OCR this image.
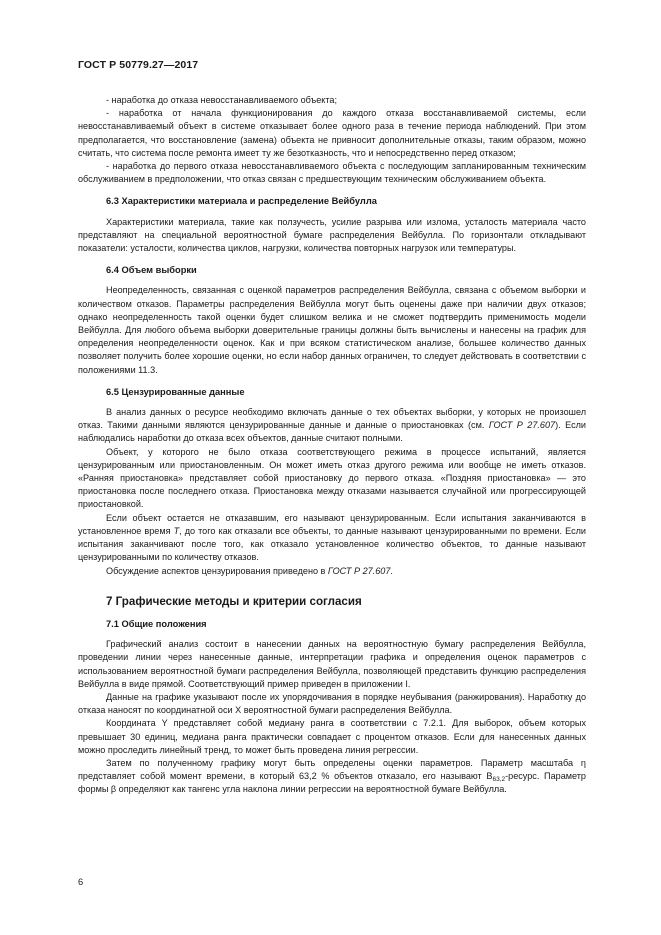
ГОСТ Р 50779.27—2017

- наработка до отказа невосстанавливаемого объекта;

- наработка от начала функционирования до каждого отказа восстанавливаемой системы, если невосстанавливаемый объект в системе отказывает более одного раза в течение периода наблюдений. При этом предполагается, что восстановление (замена) объекта не привносит дополнительные отказы, таким образом, можно считать, что система после ремонта имеет ту же безотказность, что и непосредственно перед отказом;

- наработка до первого отказа невосстанавливаемого объекта с последующим запланированным техническим обслуживанием в предположении, что отказ связан с предшествующим техническим обслуживанием объекта.

6.3 Характеристики материала и распределение Вейбулла

Характеристики материала, такие как ползучесть, усилие разрыва или излома, усталость материала часто представляют на специальной вероятностной бумаге распределения Вейбулла. По горизонтали откладывают показатели: усталости, количества циклов, нагрузки, количества повторных нагрузок или температуры.

6.4 Объем выборки

Неопределенность, связанная с оценкой параметров распределения Вейбулла, связана с объемом выборки и количеством отказов. Параметры распределения Вейбулла могут быть оценены даже при наличии двух отказов; однако неопределенность такой оценки будет слишком велика и не сможет подтвердить применимость модели Вейбулла. Для любого объема выборки доверительные границы должны быть вычислены и нанесены на график для определения неопределенности оценок. Как и при всяком статистическом анализе, большее количество данных позволяет получить более хорошие оценки, но если набор данных ограничен, то следует действовать в соответствии с положениями 11.3.

6.5 Цензурированные данные

В анализ данных о ресурсе необходимо включать данные о тех объектах выборки, у которых не произошел отказ. Такими данными являются цензурированные данные и данные о приостановках (см. ГОСТ Р 27.607). Если наблюдались наработки до отказа всех объектов, данные считают полными.

Объект, у которого не было отказа соответствующего режима в процессе испытаний, является цензурированным или приостановленным. Он может иметь отказ другого режима или вообще не иметь отказов. «Ранняя приостановка» представляет собой приостановку до первого отказа. «Поздняя приостановка» — это приостановка после последнего отказа. Приостановка между отказами называется случайной или прогрессирующей приостановкой.

Если объект остается не отказавшим, его называют цензурированным. Если испытания заканчиваются в установленное время T, до того как отказали все объекты, то данные называют цензурированными по времени. Если испытания заканчивают после того, как отказало установленное количество объектов, то данные называют цензурированными по количеству отказов.

Обсуждение аспектов цензурирования приведено в ГОСТ Р 27.607.

7 Графические методы и критерии согласия
7.1 Общие положения

Графический анализ состоит в нанесении данных на вероятностную бумагу распределения Вейбулла, проведении линии через нанесенные данные, интерпретации графика и определения оценок параметров с использованием вероятностной бумаги распределения Вейбулла, позволяющей представить функцию распределения Вейбулла в виде прямой. Соответствующий пример приведен в приложении I.

Данные на графике указывают после их упорядочивания в порядке неубывания (ранжирования). Наработку до отказа наносят по координатной оси X вероятностной бумаги распределения Вейбулла.

Координата Y представляет собой медиану ранга в соответствии с 7.2.1. Для выборок, объем которых превышает 30 единиц, медиана ранга практически совпадает с процентом отказов. Если для нанесенных данных можно проследить линейный тренд, то может быть проведена линия регрессии.

Затем по полученному графику могут быть определены оценки параметров. Параметр масштаба η представляет собой момент времени, в который 63,2 % объектов отказало, его называют $B_{63,2}$-ресурс. Параметр формы β определяют как тангенс угла наклона линии регрессии на вероятностной бумаге Вейбулла.

6
